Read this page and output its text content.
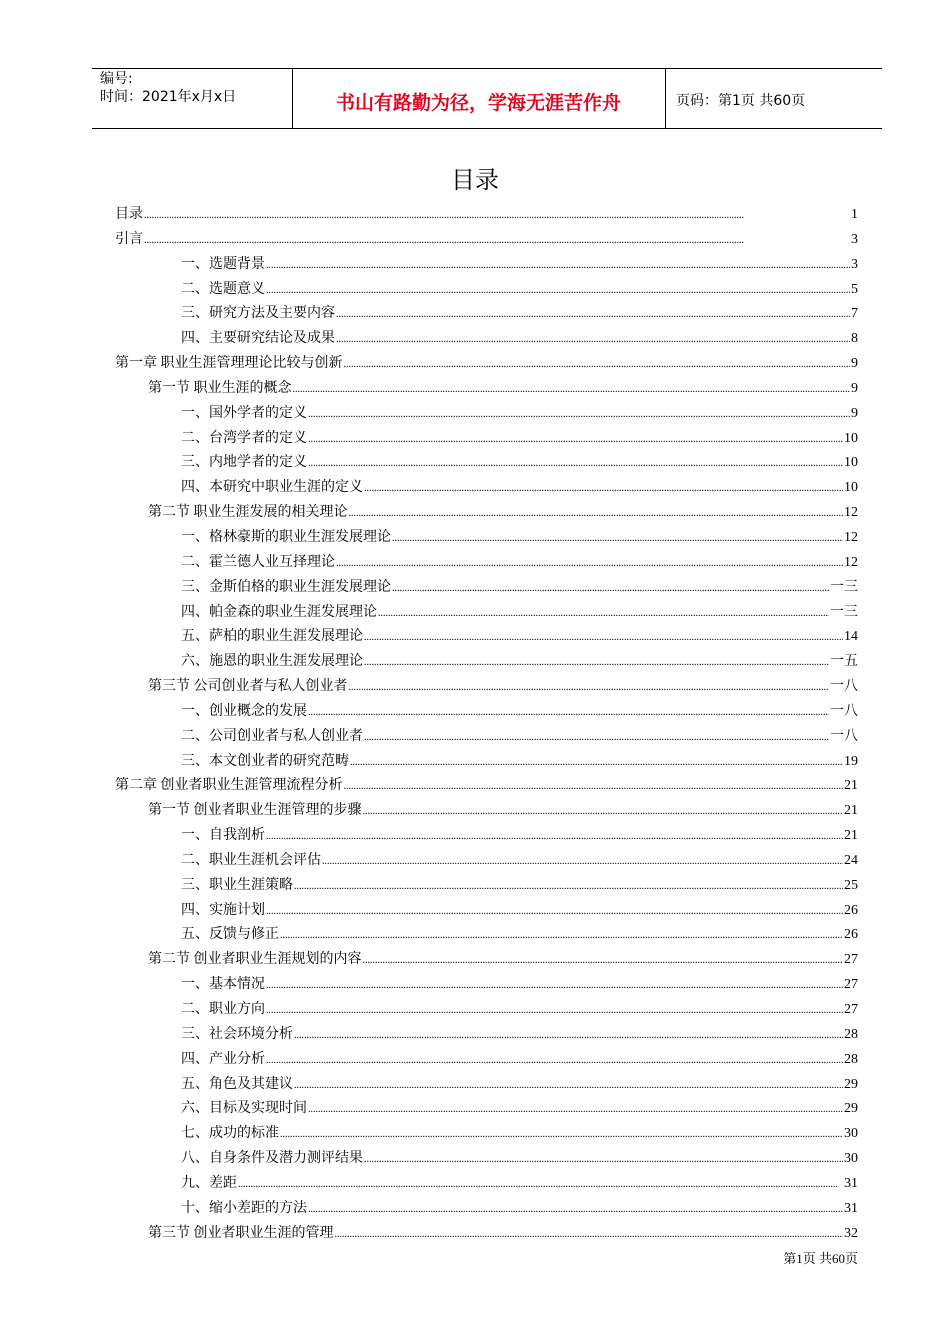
编号:
时间：2021年x月x日	书山有路勤为径，学海无涯苦作舟	页码：第1页 共60页
目录
目录 .....	1
引言 .....	3
一、选题背景 .....	3
二、选题意义 .....	5
三、研究方法及主要内容 .....	7
四、主要研究结论及成果 .....	8
第一章 职业生涯管理理论比较与创新 .....	9
第一节 职业生涯的概念 .....	9
一、国外学者的定义 .....	9
二、台湾学者的定义 .....	10
三、内地学者的定义 .....	10
四、本研究中职业生涯的定义 .....	10
第二节 职业生涯发展的相关理论 .....	12
一、格林豪斯的职业生涯发展理论 .....	12
二、霍兰德人业互择理论 .....	12
三、金斯伯格的职业生涯发展理论 .....	一三
四、帕金森的职业生涯发展理论 .....	一三
五、萨柏的职业生涯发展理论 .....	14
六、施恩的职业生涯发展理论 .....	一五
第三节 公司创业者与私人创业者 .....	一八
一、创业概念的发展 .....	一八
二、公司创业者与私人创业者 .....	一八
三、本文创业者的研究范畴 .....	19
第二章 创业者职业生涯管理流程分析 .....	21
第一节 创业者职业生涯管理的步骤 .....	21
一、自我剖析 .....	21
二、职业生涯机会评估 .....	24
三、职业生涯策略 .....	25
四、实施计划 .....	26
五、反馈与修正 .....	26
第二节 创业者职业生涯规划的内容 .....	27
一、基本情况 .....	27
二、职业方向 .....	27
三、社会环境分析 .....	28
四、产业分析 .....	28
五、角色及其建议 .....	29
六、目标及实现时间 .....	29
七、成功的标准 .....	30
八、自身条件及潜力测评结果 .....	30
九、差距 .....	31
十、缩小差距的方法 .....	31
第三节 创业者职业生涯的管理 .....	32
第1页 共60页
